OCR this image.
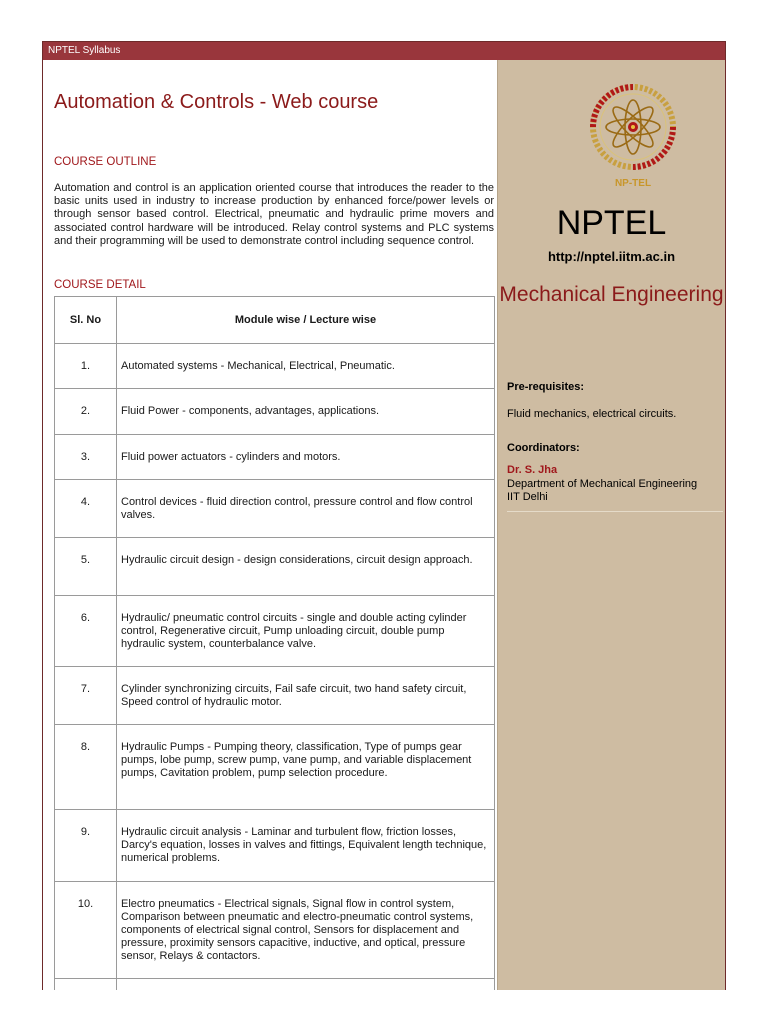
NPTEL Syllabus
Automation & Controls - Web course
COURSE OUTLINE
Automation and control is an application oriented course that introduces the reader to the basic units used in industry to increase production by enhanced force/power levels or through sensor based control. Electrical, pneumatic and hydraulic prime movers and associated control hardware will be introduced. Relay control systems and PLC systems and their programming will be used to demonstrate control including sequence control.
COURSE DETAIL
Sl. No	Module wise / Lecture wise
1.	Automated systems - Mechanical, Electrical, Pneumatic.
2.	Fluid Power - components, advantages, applications.
3.	Fluid power actuators - cylinders and motors.
4.	Control devices - fluid direction control, pressure control and flow control valves.
5.	Hydraulic circuit design - design considerations, circuit design approach.
6.	Hydraulic/ pneumatic control circuits - single and double acting cylinder control, Regenerative circuit, Pump unloading circuit, double pump hydraulic system, counterbalance valve.
7.	Cylinder synchronizing circuits, Fail safe circuit, two hand safety circuit, Speed control of hydraulic motor.
8.	Hydraulic Pumps - Pumping theory, classification, Type of pumps gear pumps, lobe pump, screw pump, vane pump, and variable displacement pumps, Cavitation problem, pump selection procedure.
9.	Hydraulic circuit analysis - Laminar and turbulent flow, friction losses, Darcy's equation, losses in valves and fittings, Equivalent length technique, numerical problems.
10.	Electro pneumatics - Electrical signals, Signal flow in control system, Comparison between pneumatic and electro-pneumatic control systems, components of electrical signal control, Sensors for displacement and pressure, proximity sensors capacitive, inductive, and optical, pressure sensor, Relays & contactors.

NP-TEL
NPTEL
http://nptel.iitm.ac.in
Mechanical Engineering
Pre-requisites:
Fluid mechanics, electrical circuits.
Coordinators:
Dr. S. Jha
Department of Mechanical Engineering
IIT Delhi
